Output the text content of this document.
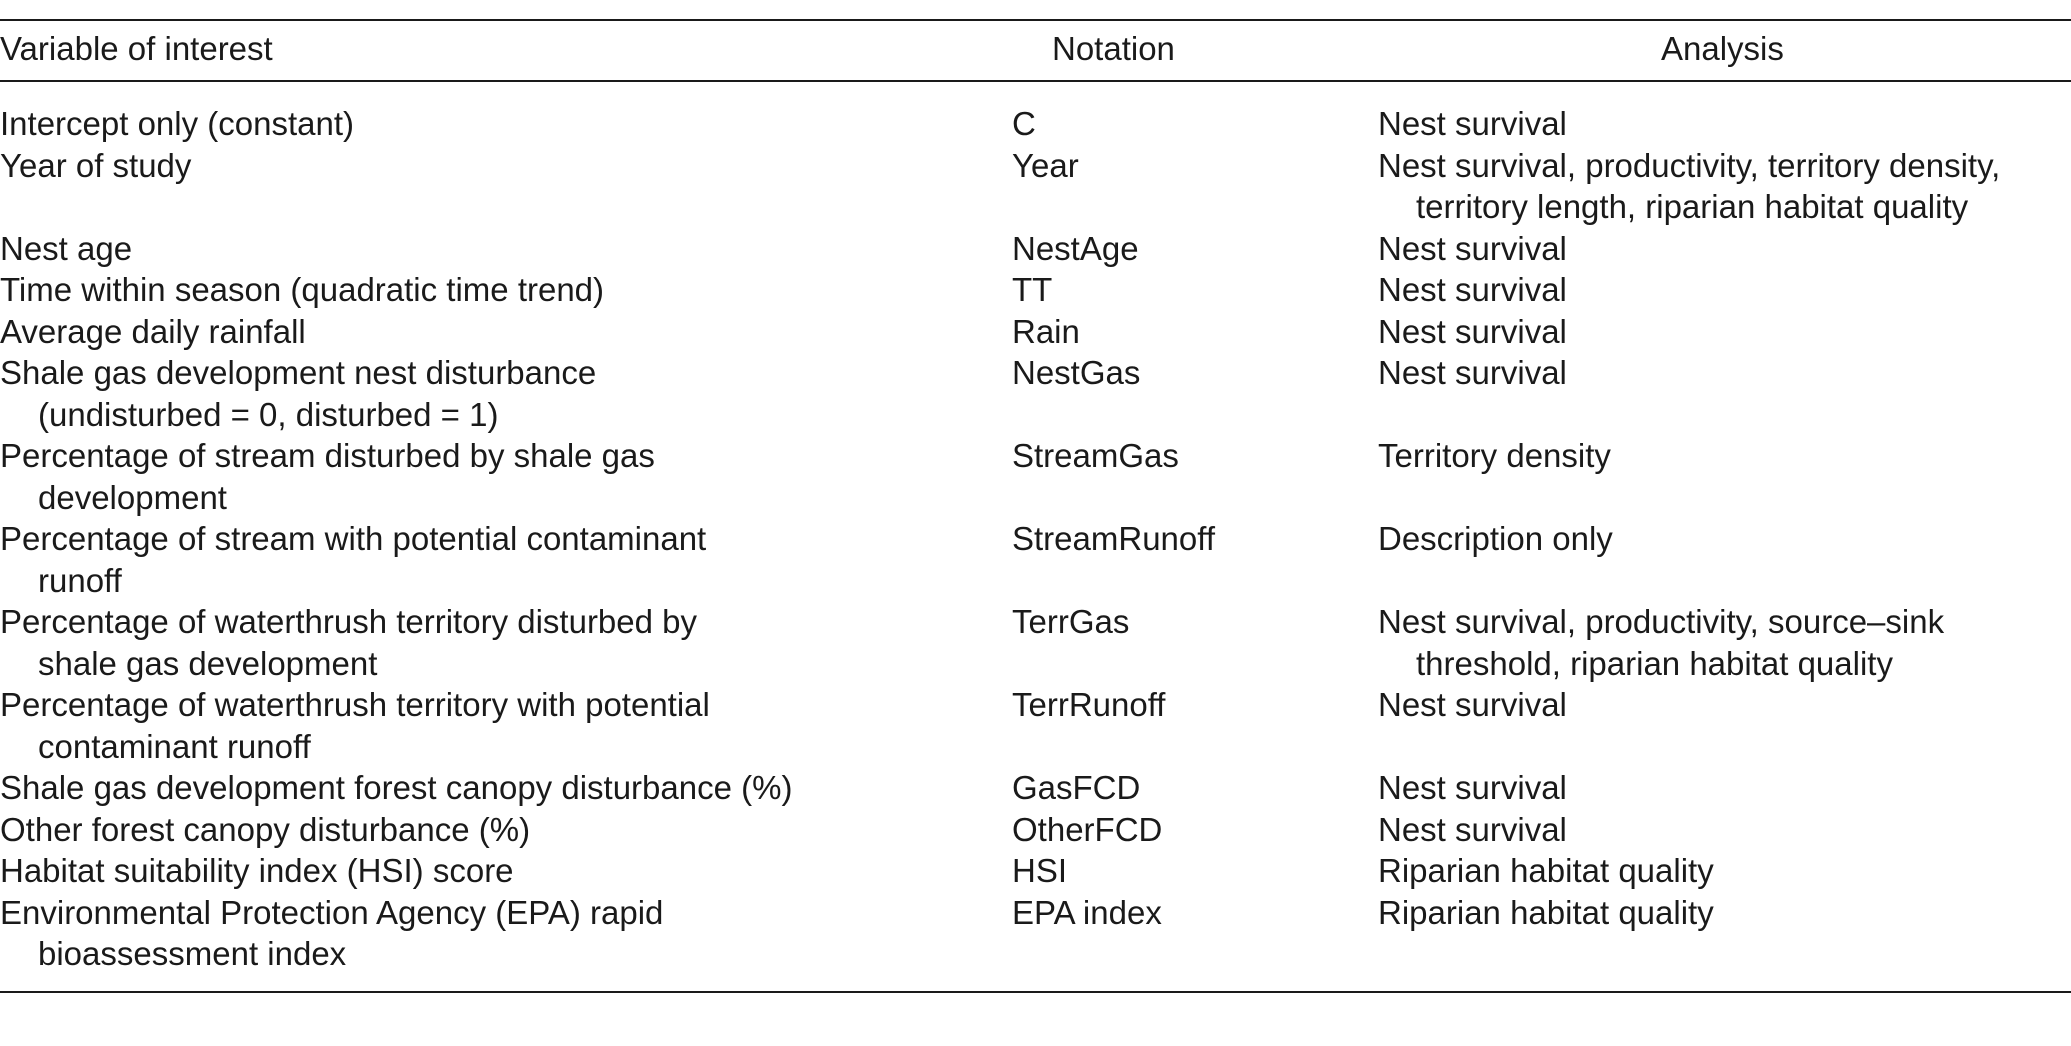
Variable of interest	Notation	Analysis
Intercept only (constant)	C	Nest survival
Year of study	Year	Nest survival, productivity, territory density,
territory length, riparian habitat quality
Nest age	NestAge	Nest survival
Time within season (quadratic time trend)	TT	Nest survival
Average daily rainfall	Rain	Nest survival
Shale gas development nest disturbance
(undisturbed = 0, disturbed = 1)
NestGas	Nest survival
Percentage of stream disturbed by shale gas
development
StreamGas	Territory density
Percentage of stream with potential contaminant
runoff
StreamRunoff	Description only
Percentage of waterthrush territory disturbed by
shale gas development
TerrGas	Nest survival, productivity, source–sink
threshold, riparian habitat quality
Percentage of waterthrush territory with potential
contaminant runoff
TerrRunoff	Nest survival
Shale gas development forest canopy disturbance (%)	GasFCD	Nest survival
Other forest canopy disturbance (%)	OtherFCD	Nest survival
Habitat suitability index (HSI) score	HSI	Riparian habitat quality
Environmental Protection Agency (EPA) rapid
bioassessment index
EPA index	Riparian habitat quality
